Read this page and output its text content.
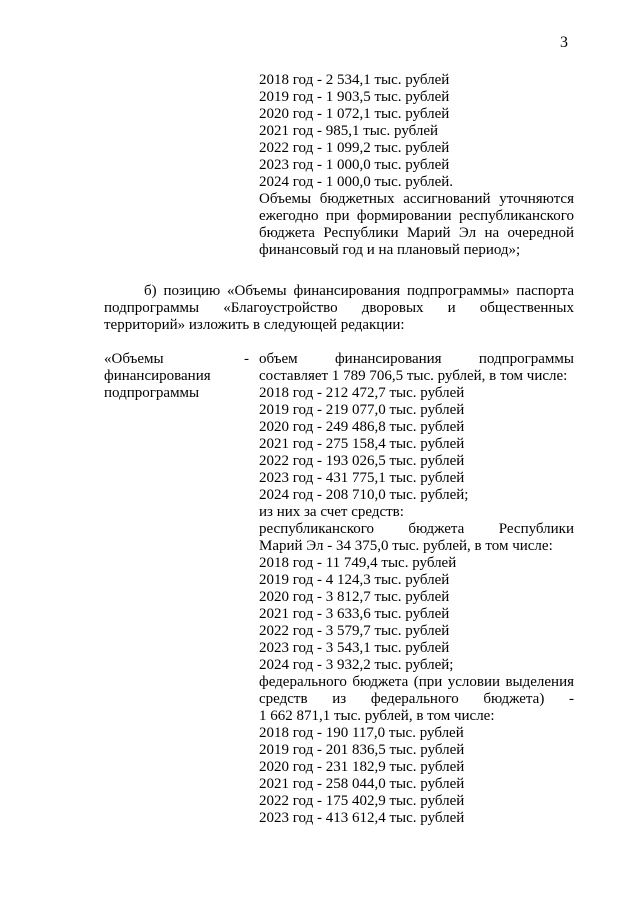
3
2018 год - 2 534,1 тыс. рублей
2019 год - 1 903,5 тыс. рублей
2020 год - 1 072,1 тыс. рублей
2021 год - 985,1 тыс. рублей
2022 год - 1 099,2 тыс. рублей
2023 год - 1 000,0 тыс. рублей
2024 год - 1 000,0 тыс. рублей.
Объемы бюджетных ассигнований уточняются
ежегодно при формировании республиканского
бюджета Республики Марий Эл на очередной
финансовый год и на плановый период»;
б) позицию «Объемы финансирования подпрограммы» паспорта
подпрограммы «Благоустройство дворовых и общественных
территорий» изложить в следующей редакции:
«Объемы
финансирования
подпрограммы
- объем финансирования подпрограммы
составляет 1 789 706,5 тыс. рублей, в том числе:
2018 год - 212 472,7 тыс. рублей
2019 год - 219 077,0 тыс. рублей
2020 год - 249 486,8 тыс. рублей
2021 год - 275 158,4 тыс. рублей
2022 год - 193 026,5 тыс. рублей
2023 год - 431 775,1 тыс. рублей
2024 год - 208 710,0 тыс. рублей;
из них за счет средств:
республиканского бюджета Республики
Марий Эл - 34 375,0 тыс. рублей, в том числе:
2018 год - 11 749,4 тыс. рублей
2019 год - 4 124,3 тыс. рублей
2020 год - 3 812,7 тыс. рублей
2021 год - 3 633,6 тыс. рублей
2022 год - 3 579,7 тыс. рублей
2023 год - 3 543,1 тыс. рублей
2024 год - 3 932,2 тыс. рублей;
федерального бюджета (при условии выделения
средств из федерального бюджета) -
1 662 871,1 тыс. рублей, в том числе:
2018 год - 190 117,0 тыс. рублей
2019 год - 201 836,5 тыс. рублей
2020 год - 231 182,9 тыс. рублей
2021 год - 258 044,0 тыс. рублей
2022 год - 175 402,9 тыс. рублей
2023 год - 413 612,4 тыс. рублей
